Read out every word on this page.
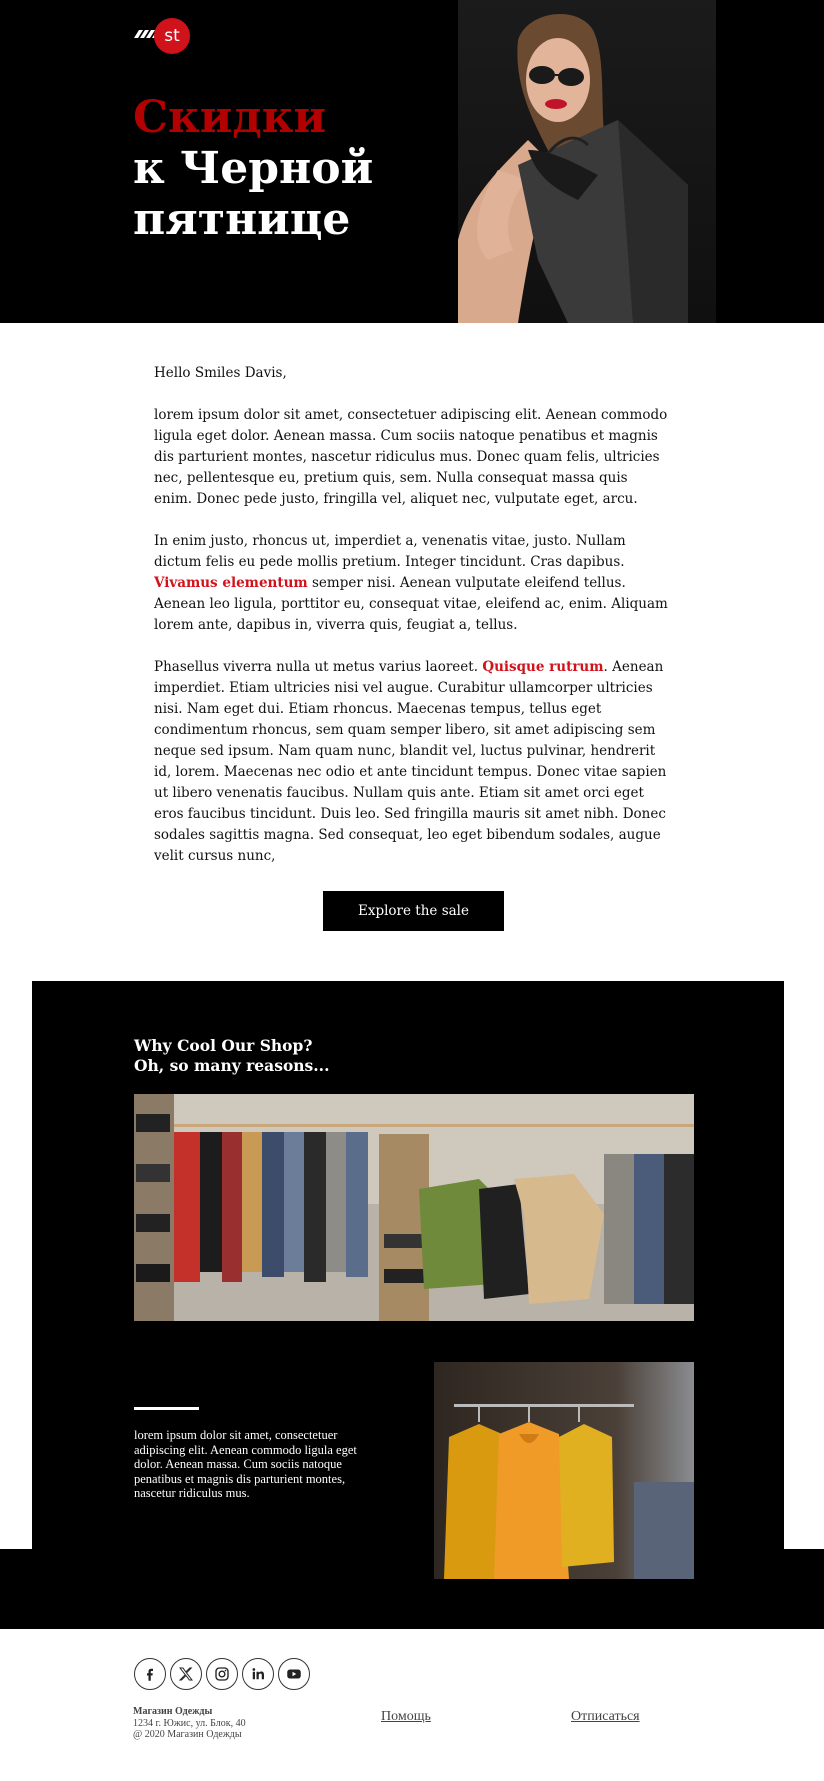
st
Скидки
к Черной пятнице
Hello Smiles Davis,

lorem ipsum dolor sit amet, consectetuer adipiscing elit. Aenean commodo ligula eget dolor. Aenean massa. Cum sociis natoque penatibus et magnis dis parturient montes, nascetur ridiculus mus. Donec quam felis, ultricies nec, pellentesque eu, pretium quis, sem. Nulla consequat massa quis enim. Donec pede justo, fringilla vel, aliquet nec, vulputate eget, arcu.

In enim justo, rhoncus ut, imperdiet a, venenatis vitae, justo. Nullam dictum felis eu pede mollis pretium. Integer tincidunt. Cras dapibus. Vivamus elementum semper nisi. Aenean vulputate eleifend tellus. Aenean leo ligula, porttitor eu, consequat vitae, eleifend ac, enim. Aliquam lorem ante, dapibus in, viverra quis, feugiat a, tellus.

Phasellus viverra nulla ut metus varius laoreet. Quisque rutrum. Aenean imperdiet. Etiam ultricies nisi vel augue. Curabitur ullamcorper ultricies nisi. Nam eget dui. Etiam rhoncus. Maecenas tempus, tellus eget condimentum rhoncus, sem quam semper libero, sit amet adipiscing sem neque sed ipsum. Nam quam nunc, blandit vel, luctus pulvinar, hendrerit id, lorem. Maecenas nec odio et ante tincidunt tempus. Donec vitae sapien ut libero venenatis faucibus. Nullam quis ante. Etiam sit amet orci eget eros faucibus tincidunt. Duis leo. Sed fringilla mauris sit amet nibh. Donec sodales sagittis magna. Sed consequat, leo eget bibendum sodales, augue velit cursus nunc,

Explore the sale
Why Cool Our Shop?
Oh, so many reasons...
lorem ipsum dolor sit amet, consectetuer adipiscing elit. Aenean commodo ligula eget dolor. Aenean massa. Cum sociis natoque penatibus et magnis dis parturient montes, nascetur ridiculus mus.
Магазин Одежды
1234 г. Южис, ул. Блок, 40
@ 2020 Магазин Одежды
Помощь	Отписаться
